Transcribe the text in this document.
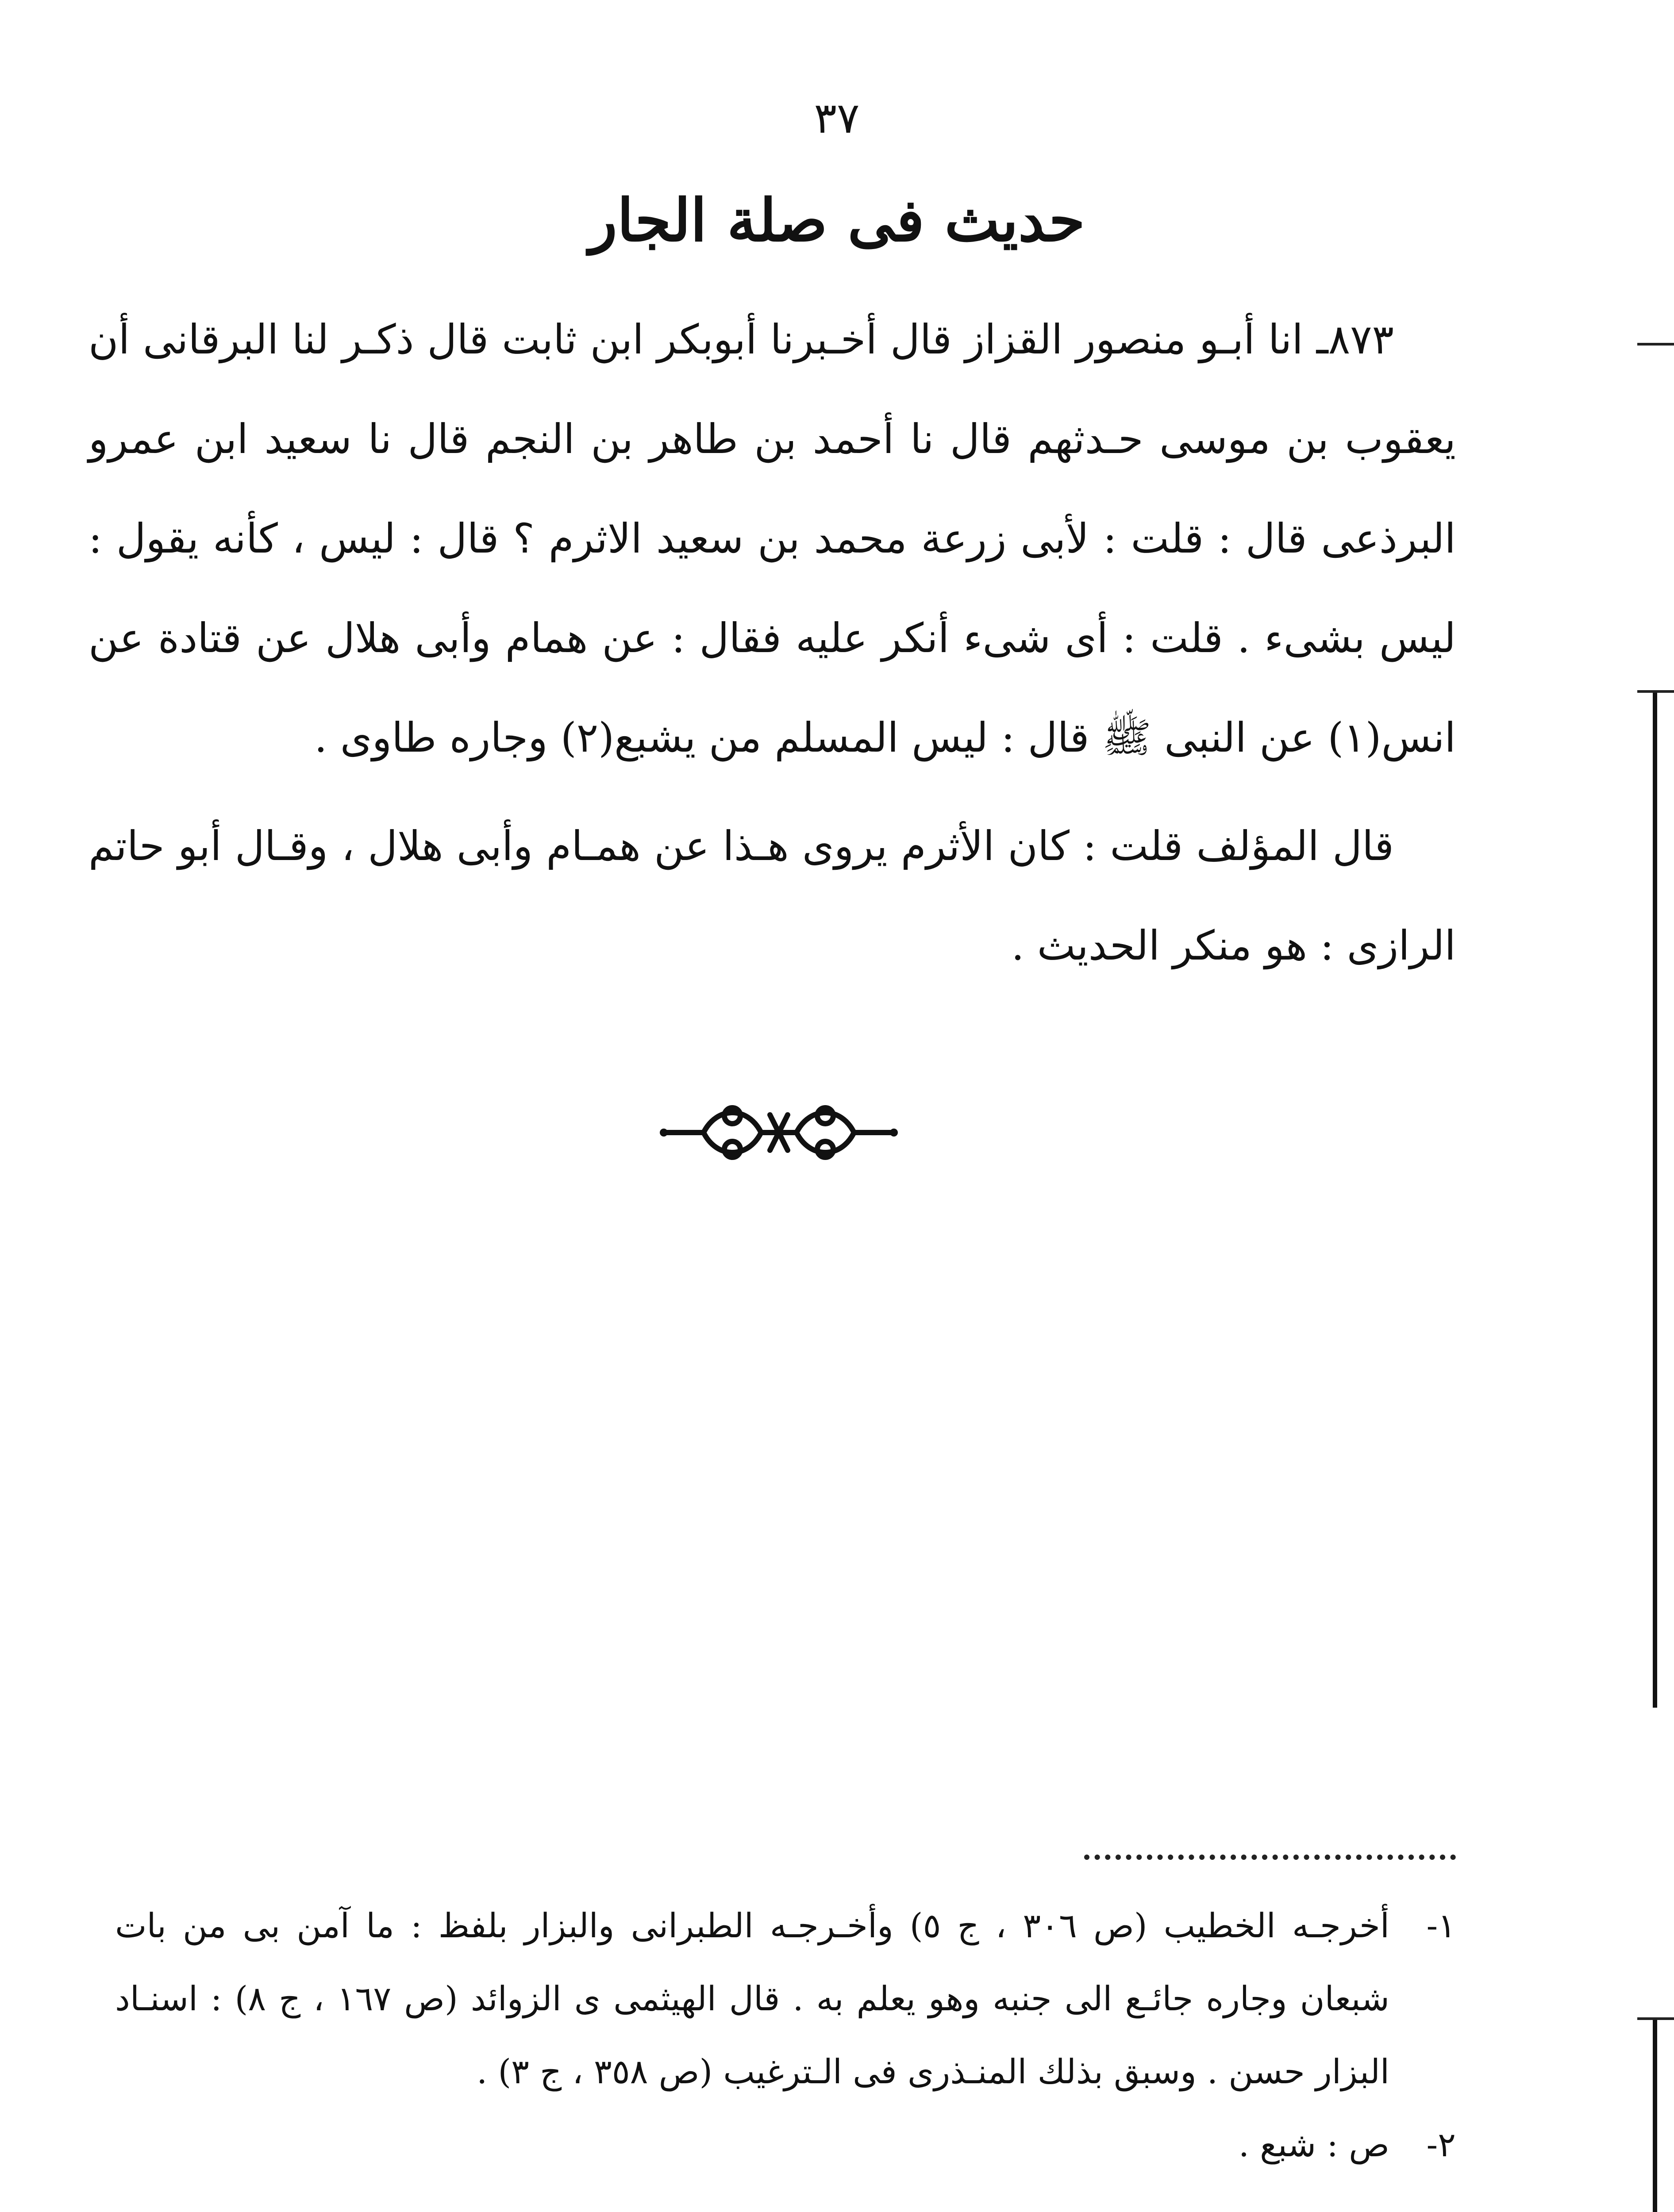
٣٧
حديث فى صلة الجار

٨٧٣ـ انا أبـو منصور القزاز قال أخـبرنا أبوبكر ابن ثابت قال ذكـر لنا البرقانى أن يعقوب بن موسى حـدثهم قال نا أحمد بن طاهر بن النجم قال نا سعيد ابن عمرو البرذعى قال : قلت : لأبى زرعة محمد بن سعيد الاثرم ؟ قال : ليس ، كأنه يقول : ليس بشىء . قلت : أى شىء أنكر عليه فقال : عن همام وأبى هلال عن قتادة عن انس(١) عن النبى ﷺ قال : ليس المسلم من يشبع(٢) وجاره طاوى .

قال المؤلف قلت : كان الأثرم يروى هـذا عن همـام وأبى هلال ، وقـال أبو حاتم الرازى : هو منكر الحديث .

١-
أخرجـه الخطيب (ص ٣٠٦ ، ج ٥) وأخـرجـه الطبرانى والبزار بلفظ : ما آمن بى من بات شبعان وجاره جائـع الى جنبه وهو يعلم به . قال الهيثمى ى الزوائد (ص ١٦٧ ، ج ٨) : اسنـاد البزار حسن . وسبق بذلك المنـذرى فى الـترغيب (ص ٣٥٨ ، ج ٣) .
٢-
ص : شبع .
